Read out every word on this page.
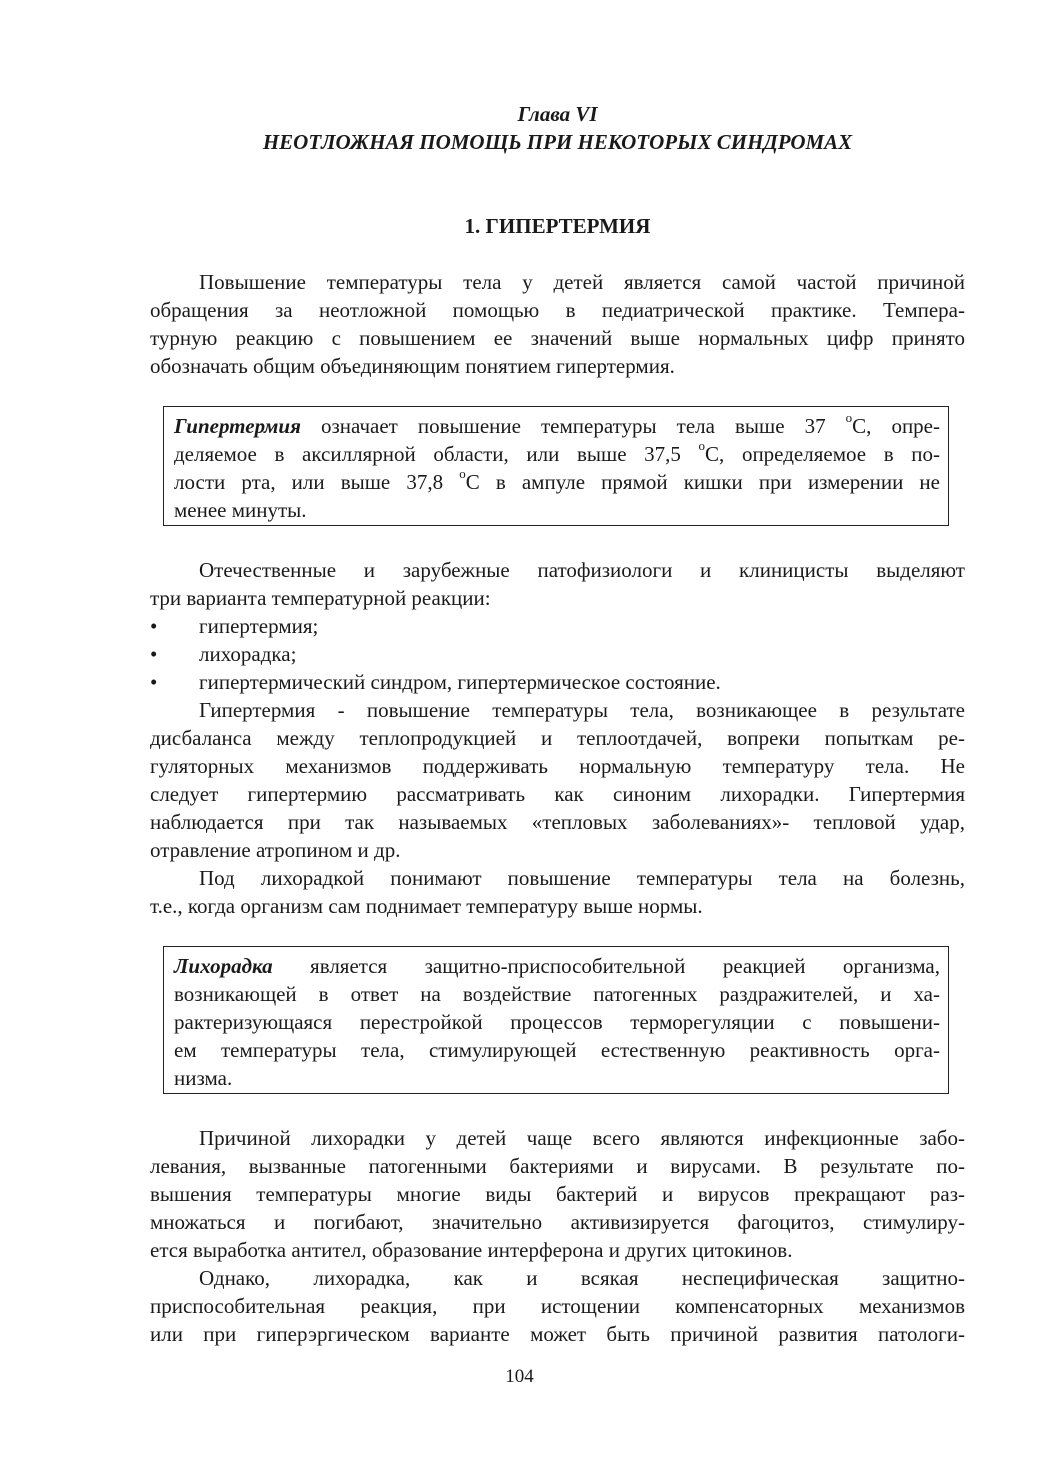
Глава VI
НЕОТЛОЖНАЯ ПОМОЩЬ ПРИ НЕКОТОРЫХ СИНДРОМАХ
1. ГИПЕРТЕРМИЯ
Повышение температуры тела у детей является самой частой причиной
обращения за неотложной помощью в педиатрической практике. Темпера-
турную реакцию с повышением ее значений выше нормальных цифр принято
обозначать общим объединяющим понятием гипертермия.
Гипертермия означает повышение температуры тела выше 37 $^o$С, опре-
деляемое в аксиллярной области, или выше 37,5 $^o$С, определяемое в по-
лости рта, или выше 37,8 $^o$С в ампуле прямой кишки при измерении не
менее минуты.
Отечественные и зарубежные патофизиологи и клиницисты выделяют
три варианта температурной реакции:
• гипертермия;
• лихорадка;
• гипертермический синдром, гипертермическое состояние.
Гипертермия - повышение температуры тела, возникающее в результате
дисбаланса между теплопродукцией и теплоотдачей, вопреки попыткам ре-
гуляторных механизмов поддерживать нормальную температуру тела. Не
следует гипертермию рассматривать как синоним лихорадки. Гипертермия
наблюдается при так называемых «тепловых заболеваниях»- тепловой удар,
отравление атропином и др.
Под лихорадкой понимают повышение температуры тела на болезнь,
т.е., когда организм сам поднимает температуру выше нормы.
Лихорадка является защитно-приспособительной реакцией организма,
возникающей в ответ на воздействие патогенных раздражителей, и ха-
рактеризующаяся перестройкой процессов терморегуляции с повышени-
ем температуры тела, стимулирующей естественную реактивность орга-
низма.
Причиной лихорадки у детей чаще всего являются инфекционные забо-
левания, вызванные патогенными бактериями и вирусами. В результате по-
вышения температуры многие виды бактерий и вирусов прекращают раз-
множаться и погибают, значительно активизируется фагоцитоз, стимулиру-
ется выработка антител, образование интерферона и других цитокинов.
Однако, лихорадка, как и всякая неспецифическая защитно-
приспособительная реакция, при истощении компенсаторных механизмов
или при гиперэргическом варианте может быть причиной развития патологи-
104
